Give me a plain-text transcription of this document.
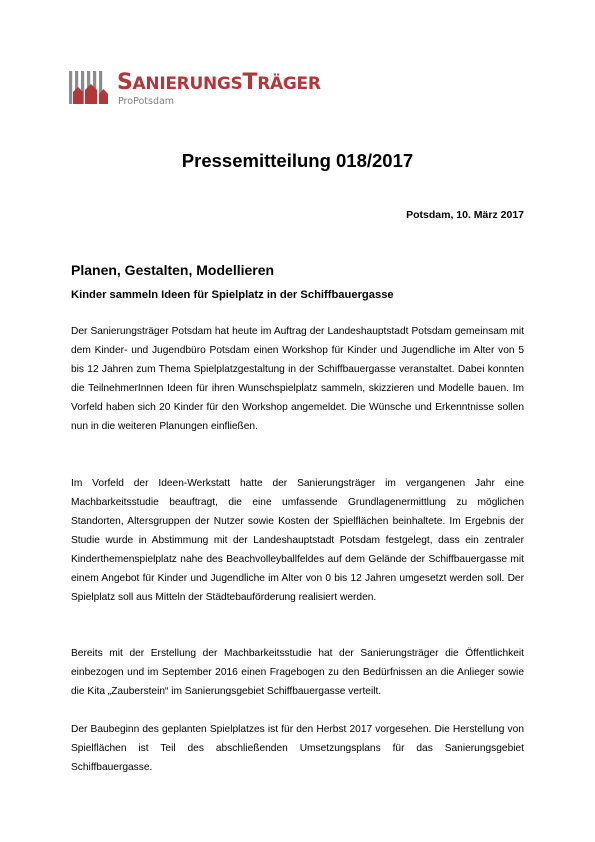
SANIERUNGSTRÄGER
ProPotsdam
Pressemitteilung 018/2017

Potsdam, 10. März 2017

Planen, Gestalten, Modellieren
Kinder sammeln Ideen für Spielplatz in der Schiffbauergasse

Der Sanierungsträger Potsdam hat heute im Auftrag der Landeshauptstadt Potsdam gemeinsam mit dem Kinder- und Jugendbüro Potsdam einen Workshop für Kinder und Jugendliche im Alter von 5 bis 12 Jahren zum Thema Spielplatzgestaltung in der Schiffbauergasse veranstaltet. Dabei konnten die TeilnehmerInnen Ideen für ihren Wunschspielplatz sammeln, skizzieren und Modelle bauen. Im Vorfeld haben sich 20 Kinder für den Workshop angemeldet. Die Wünsche und Erkenntnisse sollen nun in die weiteren Planungen einfließen.

Im Vorfeld der Ideen-Werkstatt hatte der Sanierungsträger im vergangenen Jahr eine Machbarkeitsstudie beauftragt, die eine umfassende Grundlagenermittlung zu möglichen Standorten, Altersgruppen der Nutzer sowie Kosten der Spielflächen beinhaltete. Im Ergebnis der Studie wurde in Abstimmung mit der Landeshauptstadt Potsdam festgelegt, dass ein zentraler Kinderthemenspielplatz nahe des Beachvolleyballfeldes auf dem Gelände der Schiffbauergasse mit einem Angebot für Kinder und Jugendliche im Alter von 0 bis 12 Jahren umgesetzt werden soll. Der Spielplatz soll aus Mitteln der Städtebauförderung realisiert werden.

Bereits mit der Erstellung der Machbarkeitsstudie hat der Sanierungsträger die Öffentlichkeit einbezogen und im September 2016 einen Fragebogen zu den Bedürfnissen an die Anlieger sowie die Kita „Zauberstein“ im Sanierungsgebiet Schiffbauergasse verteilt.

Der Baubeginn des geplanten Spielplatzes ist für den Herbst 2017 vorgesehen. Die Herstellung von Spielflächen ist Teil des abschließenden Umsetzungsplans für das Sanierungsgebiet Schiffbauergasse.
